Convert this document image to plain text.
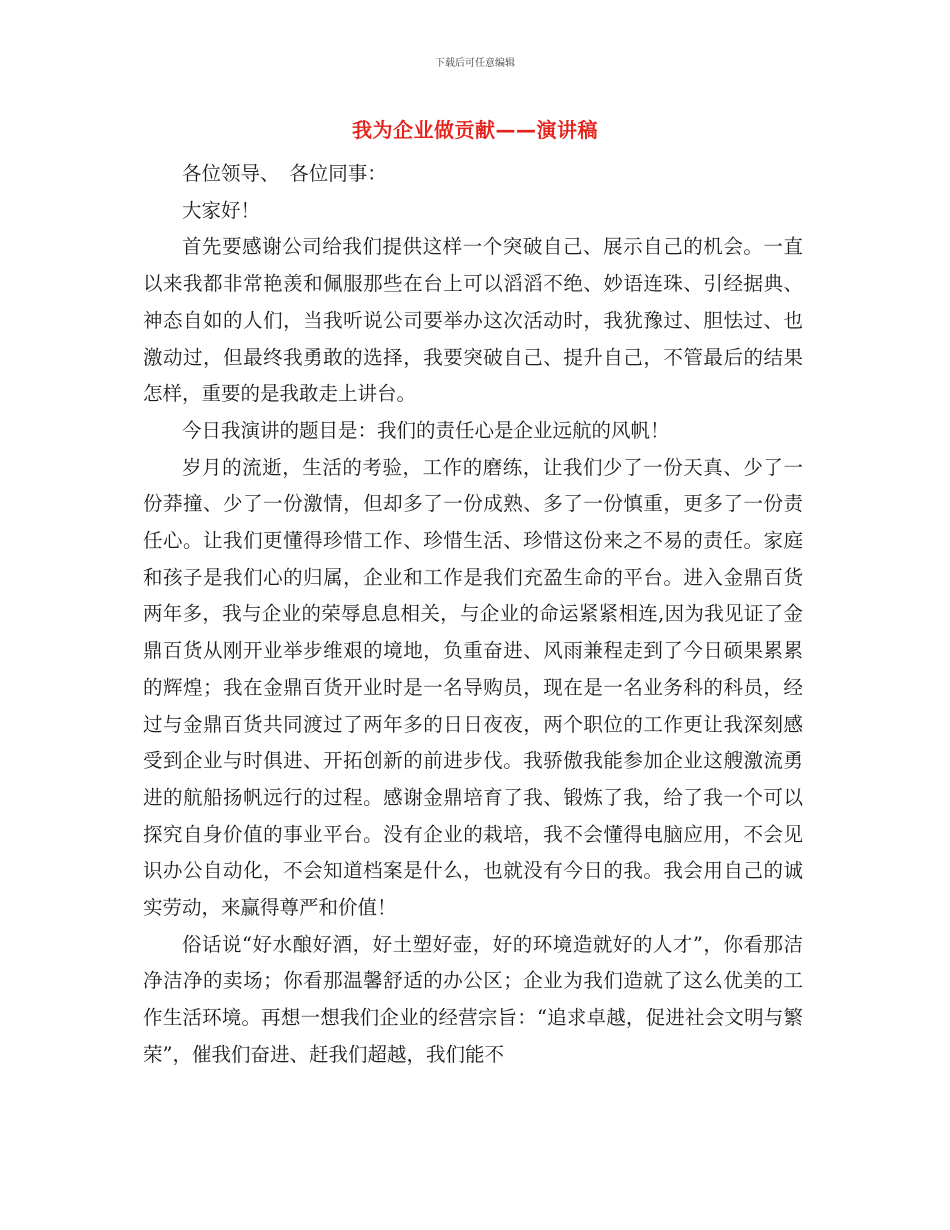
下载后可任意编辑
我为企业做贡献——演讲稿

各位领导、　各位同事：

大家好！

首先要感谢公司给我们提供这样一个突破自己、展示自己的机会。一直以来我都非常艳羡和佩服那些在台上可以滔滔不绝、妙语连珠、引经据典、神态自如的人们，当我听说公司要举办这次活动时，我犹豫过、胆怯过、也激动过，但最终我勇敢的选择，我要突破自己、提升自己，不管最后的结果怎样，重要的是我敢走上讲台。

今日我演讲的题目是：我们的责任心是企业远航的风帆！

岁月的流逝，生活的考验，工作的磨练，让我们少了一份天真、少了一份莽撞、少了一份激情，但却多了一份成熟、多了一份慎重，更多了一份责任心。让我们更懂得珍惜工作、珍惜生活、珍惜这份来之不易的责任。家庭和孩子是我们心的归属，企业和工作是我们充盈生命的平台。进入金鼎百货两年多，我与企业的荣辱息息相关，与企业的命运紧紧相连,因为我见证了金鼎百货从刚开业举步维艰的境地，负重奋进、风雨兼程走到了今日硕果累累的辉煌；我在金鼎百货开业时是一名导购员，现在是一名业务科的科员，经过与金鼎百货共同渡过了两年多的日日夜夜，两个职位的工作更让我深刻感受到企业与时俱进、开拓创新的前进步伐。我骄傲我能参加企业这艘激流勇进的航船扬帆远行的过程。感谢金鼎培育了我、锻炼了我，给了我一个可以探究自身价值的事业平台。没有企业的栽培，我不会懂得电脑应用，不会见识办公自动化，不会知道档案是什么，也就没有今日的我。我会用自己的诚实劳动，来赢得尊严和价值！

俗话说“好水酿好酒，好土塑好壶，好的环境造就好的人才”，你看那洁净洁净的卖场；你看那温馨舒适的办公区；企业为我们造就了这么优美的工作生活环境。再想一想我们企业的经营宗旨：“追求卓越，促进社会文明与繁荣”，催我们奋进、赶我们超越，我们能不
